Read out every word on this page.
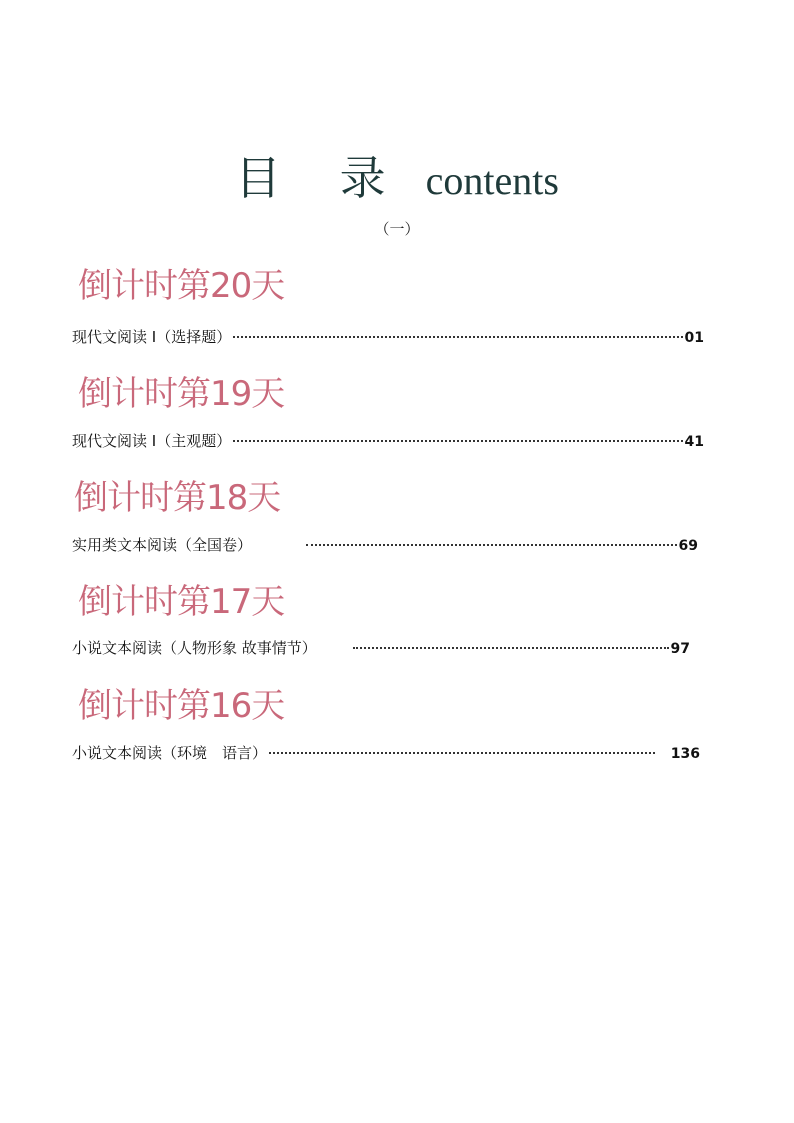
目 录 contents
（一）
倒计时第20天
现代文阅读 I（选择题）	01
倒计时第19天
现代文阅读 I（主观题）	41
倒计时第18天
实用类文本阅读（全国卷）	69
倒计时第17天
小说文本阅读（人物形象 故事情节）	97
倒计时第16天
小说文本阅读（环境　语言）	136
